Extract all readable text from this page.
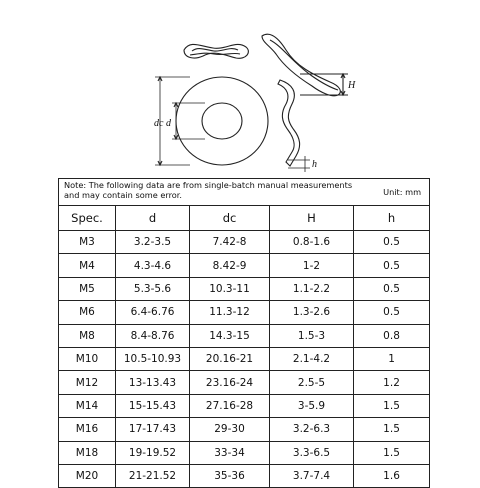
dc d
H
h
Note: The following data are from single-batch manual measurements and may contain some error. Unit: mm				

Spec.	d	dc	H	h
M3	3.2-3.5	7.42-8	0.8-1.6	0.5
M4	4.3-4.6	8.42-9	1-2	0.5
M5	5.3-5.6	10.3-11	1.1-2.2	0.5
M6	6.4-6.76	11.3-12	1.3-2.6	0.5
M8	8.4-8.76	14.3-15	1.5-3	0.8
M10	10.5-10.93	20.16-21	2.1-4.2	1
M12	13-13.43	23.16-24	2.5-5	1.2
M14	15-15.43	27.16-28	3-5.9	1.5
M16	17-17.43	29-30	3.2-6.3	1.5
M18	19-19.52	33-34	3.3-6.5	1.5
M20	21-21.52	35-36	3.7-7.4	1.6
